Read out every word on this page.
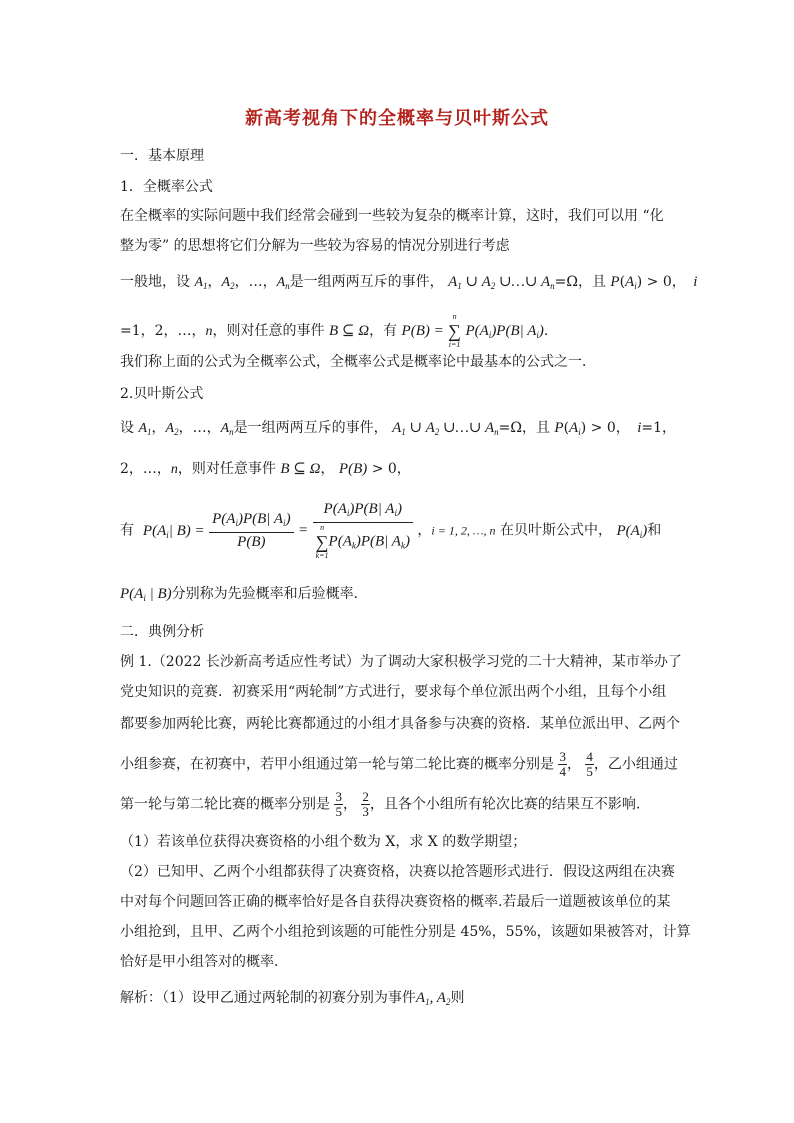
新高考视角下的全概率与贝叶斯公式
一．基本原理
1．全概率公式
在全概率的实际问题中我们经常会碰到一些较为复杂的概率计算，这时，我们可以用 “化
整为零” 的思想将它们分解为一些较为容易的情况分别进行考虑
一般地，设 $A_1$，$A_2$，…，$A_n$是一组两两互斥的事件， $A_1$ ∪ $A_2$ ∪…∪ $A_n=\Omega$，且 $P(A_i) > 0$，  i
=1，2，…，n，则对任意的事件 B ⊆ Ω，有 P(B) =
n
∑
i=1
$P(A_i)P(B|$ $A_i$).
我们称上面的公式为全概率公式，全概率公式是概率论中最基本的公式之一．
2.贝叶斯公式
设 $A_1$，$A_2$，…，$A_n$是一组两两互斥的事件， $A_1$ ∪ $A_2$ ∪…∪ $A_n=\Omega$，且 $P(A_i) > 0$，  i=1，
2，…，n，则对任意事件 B ⊆ Ω， P(B) > 0，
有 $P(A_i|$ $B) = \frac{P(A_i)P(B| A_i)}{P(B)} = P(A_i)P(B|$ $A_i$)
n
∑
k=1
$P(A_k)P(B|$ $A_k$) ，i = 1, 2, …, n 在贝叶斯公式中， $P(A_i)$和
$P(A_i$ | B)分别称为先验概率和后验概率．
二．典例分析
例 1.（2022 长沙新高考适应性考试）为了调动大家积极学习党的二十大精神，某市举办了
党史知识的竞赛．初赛采用“两轮制”方式进行，要求每个单位派出两个小组，且每个小组
都要参加两轮比赛，两轮比赛都通过的小组才具备参与决赛的资格．某单位派出甲、乙两个
小组参赛，在初赛中，若甲小组通过第一轮与第二轮比赛的概率分别是 $\frac{3}{4}$ ， $\frac{4}{5}$ ，乙小组通过
第一轮与第二轮比赛的概率分别是 $\frac{3}{5}$ ， $\frac{2}{3}$ ，且各个小组所有轮次比赛的结果互不影响.
（1）若该单位获得决赛资格的小组个数为 X，求 X 的数学期望；
（2）已知甲、乙两个小组都获得了决赛资格，决赛以抢答题形式进行．假设这两组在决赛
中对每个问题回答正确的概率恰好是各自获得决赛资格的概率.若最后一道题被该单位的某
小组抢到，且甲、乙两个小组抢到该题的可能性分别是 45%，55%，该题如果被答对，计算
恰好是甲小组答对的概率．
解析：（1）设甲乙通过两轮制的初赛分别为事件$A_1$, $A_2$则
